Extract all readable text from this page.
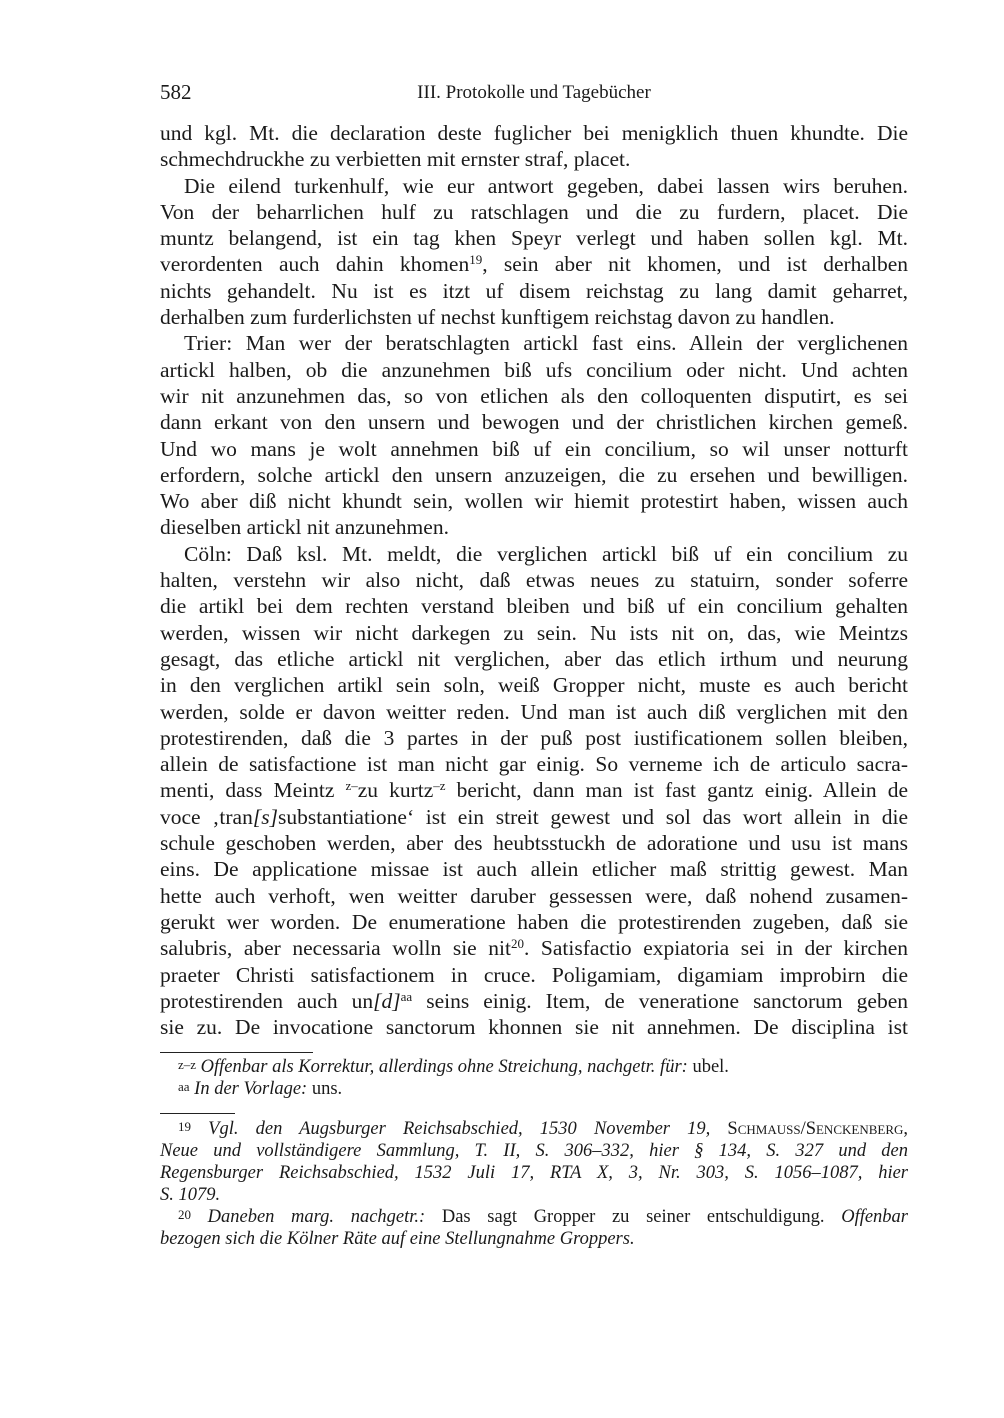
582	III. Protokolle und Tagebücher
und kgl. Mt. die declaration deste fuglicher bei menigklich thuen khundte. Die
schmechdruckhe zu verbietten mit ernster straf, placet.
Die eilend turkenhulf, wie eur antwort gegeben, dabei lassen wirs beruhen.
Von der beharrlichen hulf zu ratschlagen und die zu furdern, placet. Die
muntz belangend, ist ein tag khen Speyr verlegt und haben sollen kgl. Mt.
verordenten auch dahin khomen$^{19}$, sein aber nit khomen, und ist derhalben
nichts gehandelt. Nu ist es itzt uf disem reichstag zu lang damit geharret,
derhalben zum furderlichsten uf nechst kunftigem reichstag davon zu handlen.
Trier: Man wer der beratschlagten artickl fast eins. Allein der verglichenen
artickl halben, ob die anzunehmen biß ufs concilium oder nicht. Und achten
wir nit anzunehmen das, so von etlichen als den colloquenten disputirt, es sei
dann erkant von den unsern und bewogen und der christlichen kirchen gemeß.
Und wo mans je wolt annehmen biß uf ein concilium, so wil unser notturft
erfordern, solche artickl den unsern anzuzeigen, die zu ersehen und bewilligen.
Wo aber diß nicht khundt sein, wollen wir hiemit protestirt haben, wissen auch
dieselben artickl nit anzunehmen.
Cöln: Daß ksl. Mt. meldt, die verglichen artickl biß uf ein concilium zu
halten, verstehn wir also nicht, daß etwas neues zu statuirn, sonder soferre
die artikl bei dem rechten verstand bleiben und biß uf ein concilium gehalten
werden, wissen wir nicht darkegen zu sein. Nu ists nit on, das, wie Meintzs
gesagt, das etliche artickl nit verglichen, aber das etlich irthum und neurung
in den verglichen artikl sein soln, weiß Gropper nicht, muste es auch bericht
werden, solde er davon weitter reden. Und man ist auch diß verglichen mit den
protestirenden, daß die 3 partes in der puß post iustificationem sollen bleiben,
allein de satisfactione ist man nicht gar einig. So verneme ich de articulo sacra-
menti, dass Meintz $^{z-}$zu kurtz$^{-z}$ bericht, dann man ist fast gantz einig. Allein de
voce ‚tran[s]substantiatione‘ ist ein streit gewest und sol das wort allein in die
schule geschoben werden, aber des heubtsstuckh de adoratione und usu ist mans
eins. De applicatione missae ist auch allein etlicher maß strittig gewest. Man
hette auch verhoft, wen weitter daruber gessessen were, daß nohend zusamen-
gerukt wer worden. De enumeratione haben die protestirenden zugeben, daß sie
salubris, aber necessaria wolln sie nit$^{20}$. Satisfactio expiatoria sei in der kirchen
praeter Christi satisfactionem in cruce. Poligamiam, digamiam improbirn die
protestirenden auch $un[d]^{aa}$ seins einig. Item, de veneratione sanctorum geben
sie zu. De invocatione sanctorum khonnen sie nit annehmen. De disciplina ist
$^{z-z}$ Offenbar als Korrektur, allerdings ohne Streichung, nachgetr. für: ubel.
$^{aa}$ In der Vorlage: uns.
$^{19}$ Vgl. den Augsburger Reichsabschied, 1530 November 19, Schmauss/Senckenberg,
Neue und vollständigere Sammlung, T. II, S. 306–332, hier § 134, S. 327 und den
Regensburger Reichsabschied, 1532 Juli 17, RTA X, 3, Nr. 303, S. 1056–1087, hier
S. 1079.
$^{20}$ Daneben marg. nachgetr.: Das sagt Gropper zu seiner entschuldigung. Offenbar
bezogen sich die Kölner Räte auf eine Stellungnahme Groppers.
